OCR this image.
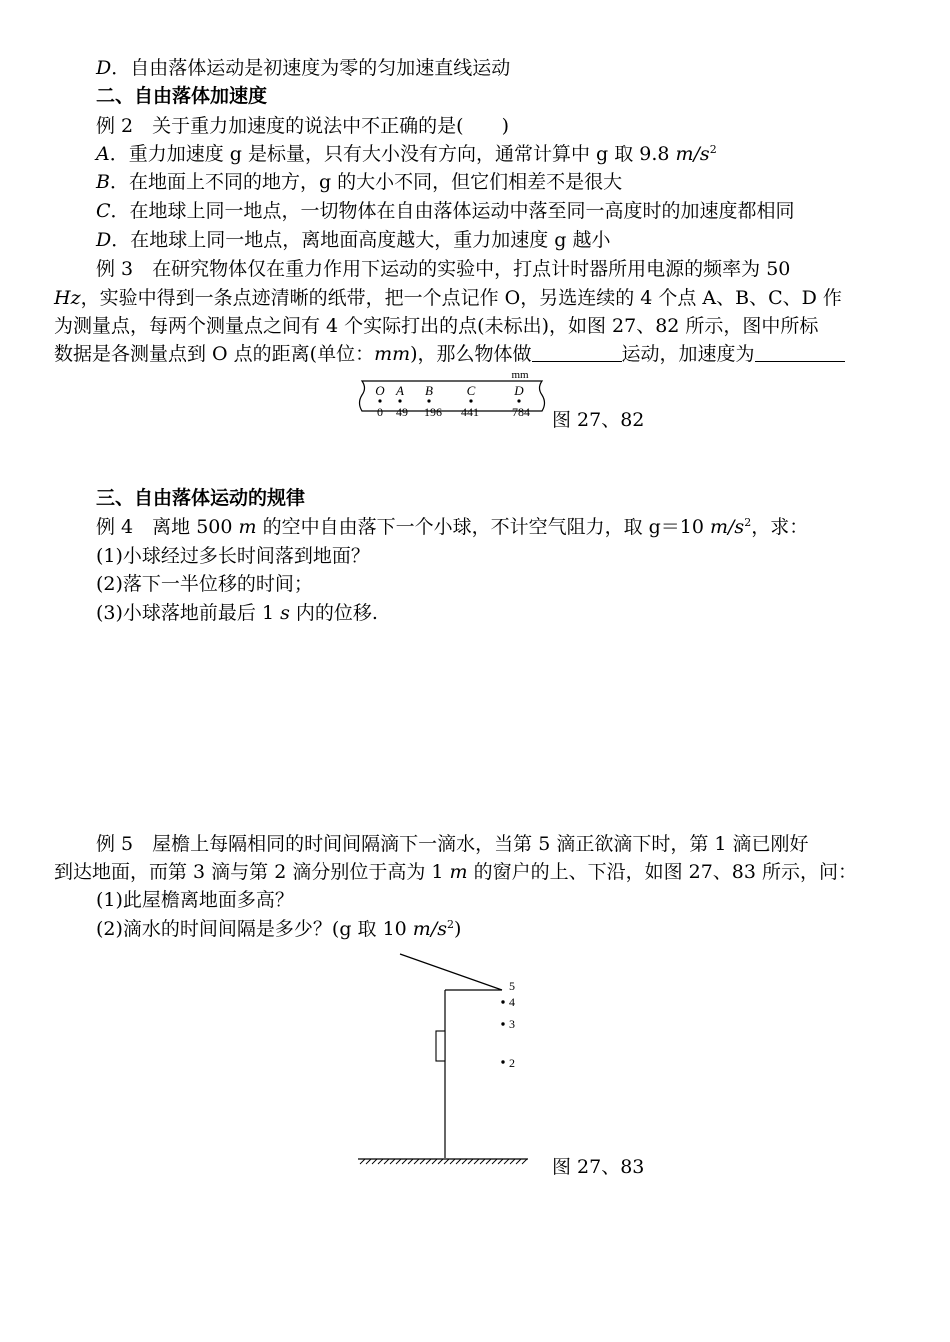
D．自由落体运动是初速度为零的匀加速直线运动
二、自由落体加速度
例 2　 关于重力加速度的说法中不正确的是(　　)
A．重力加速度 g 是标量，只有大小没有方向，通常计算中 g 取 9.8 $m/s^2$
B．在地面上不同的地方，g 的大小不同，但它们相差不是很大
C．在地球上同一地点，一切物体在自由落体运动中落至同一高度时的加速度都相同
D．在地球上同一地点，离地面高度越大，重力加速度 g 越小
例 3　 在研究物体仅在重力作用下运动的实验中，打点计时器所用电源的频率为 50
Hz，实验中得到一条点迹清晰的纸带，把一个点记作 O，另选连续的 4 个点 A、B、C、D 作
为测量点，每两个测量点之间有 4 个实际打出的点(未标出)，如图 27、82 所示，图中所标
数据是各测量点到 O 点的距离(单位：mm)，那么物体做	运动，加速度为
mm
O A B	C	D
0 49 196 441	784 图 27、82
三、自由落体运动的规律
例 4　 离地 500 m 的空中自由落下一个小球，不计空气阻力，取 g＝10 $m/s^2$，求：
(1)小球经过多长时间落到地面？
(2)落下一半位移的时间；
(3)小球落地前最后 1 s 内的位移.
例 5　 屋檐上每隔相同的时间间隔滴下一滴水，当第 5 滴正欲滴下时，第 1 滴已刚好
到达地面，而第 3 滴与第 2 滴分别位于高为 1 m 的窗户的上、下沿，如图 27、83 所示，问：
(1)此屋檐离地面多高？
(2)滴水的时间间隔是多少？(g 取 10 $m/s^2$)
5
4
3
2
图 27、83
